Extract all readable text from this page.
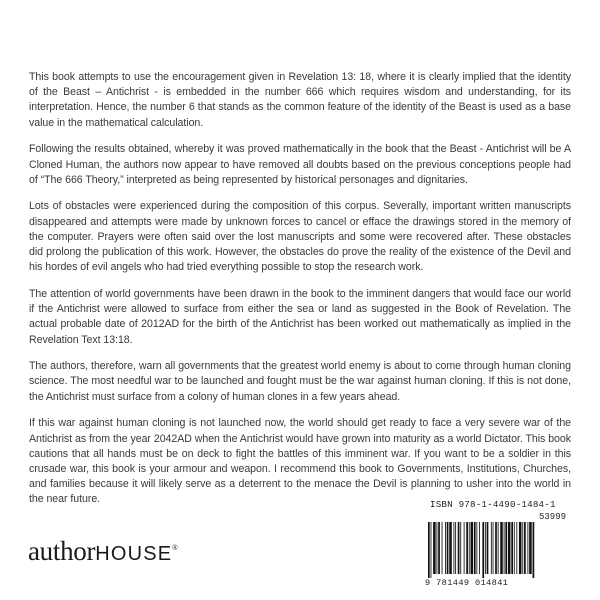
This book attempts to use the encouragement given in Revelation 13: 18, where it is clearly implied that the identity of the Beast – Antichrist - is embedded in the number 666 which requires wisdom and understanding, for its interpretation. Hence, the number 6 that stands as the common feature of the identity of the Beast is used as a base value in the mathematical calculation.

Following the results obtained, whereby it was proved mathematically in the book that the Beast - Antichrist will be A Cloned Human, the authors now appear to have removed all doubts based on the previous conceptions people had of “The 666 Theory,” interpreted as being represented by historical personages and dignitaries.

Lots of obstacles were experienced during the composition of this corpus. Severally, important written manuscripts disappeared and attempts were made by unknown forces to cancel or efface the drawings stored in the memory of the computer. Prayers were often said over the lost manuscripts and some were recovered after. These obstacles did prolong the publication of this work. However, the obstacles do prove the reality of the existence of the Devil and his hordes of evil angels who had tried everything possible to stop the research work.

The attention of world governments have been drawn in the book to the imminent dangers that would face our world if the Antichrist were allowed to surface from either the sea or land as suggested in the Book of Revelation. The actual probable date of 2012AD for the birth of the Antichrist has been worked out mathematically as implied in the Revelation Text 13:18.

The authors, therefore, warn all governments that the greatest world enemy is about to come through human cloning science. The most needful war to be launched and fought must be the war against human cloning. If this is not done, the Antichrist must surface from a colony of human clones in a few years ahead.

If this war against human cloning is not launched now, the world should get ready to face a very severe war of the Antichrist as from the year 2042AD when the Antichrist would have grown into maturity as a world Dictator. This book cautions that all hands must be on deck to fight the battles of this imminent war. If you want to be a soldier in this crusade war, this book is your armour and weapon. I recommend this book to Governments, Institutions, Churches, and families because it will likely serve as a deterrent to the menace the Devil is planning to usher into the world in the near future.

authorHOUSE®
ISBN 978-1-4490-1484-1
53999
9 781449 014841
